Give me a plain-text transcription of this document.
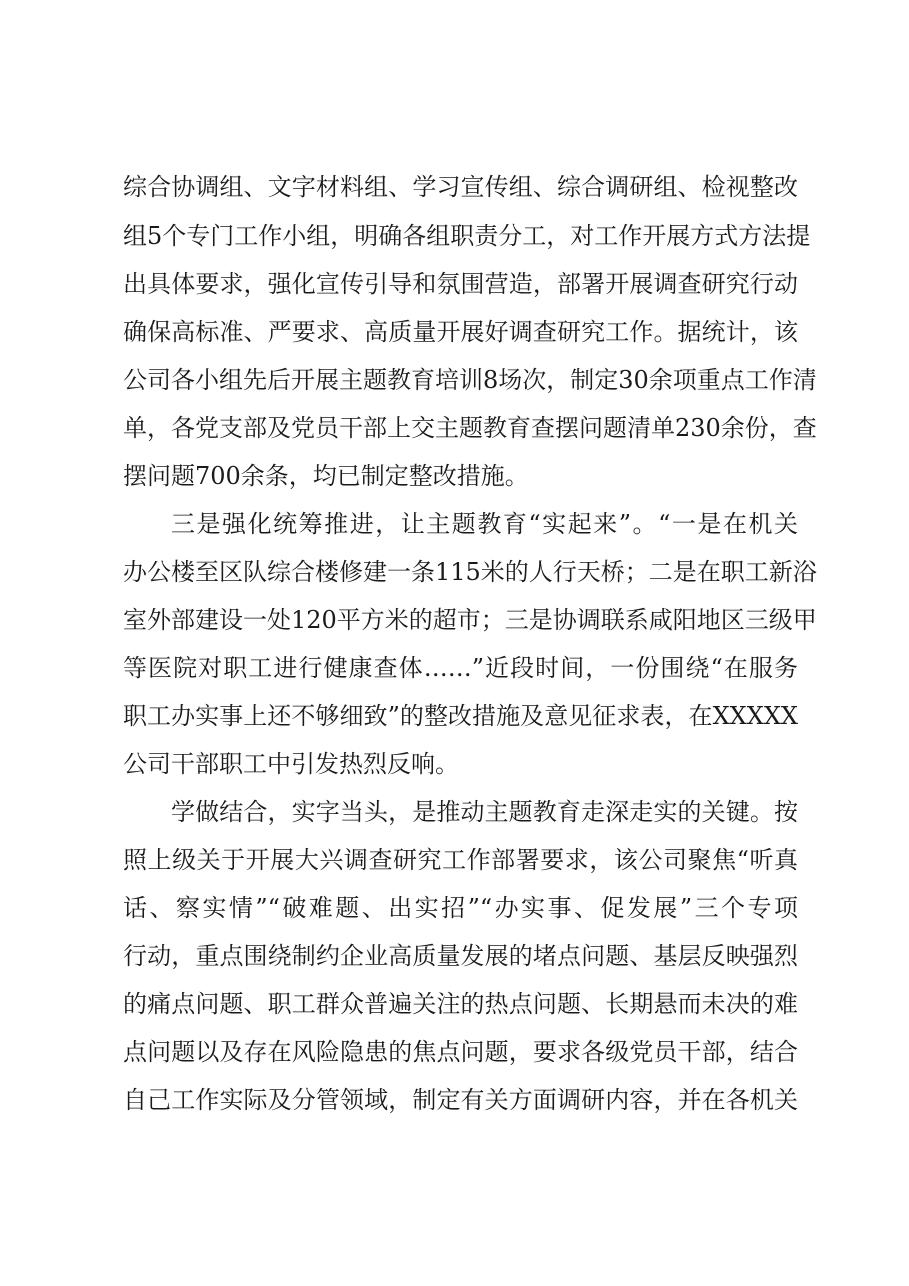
综合协调组、文字材料组、学习宣传组、综合调研组、检视整改
组5个专门工作小组，明确各组职责分工，对工作开展方式方法提
出具体要求，强化宣传引导和氛围营造，部署开展调查研究行动
确保高标准、严要求、高质量开展好调查研究工作。据统计，该
公司各小组先后开展主题教育培训8场次，制定30余项重点工作清
单，各党支部及党员干部上交主题教育查摆问题清单230余份，查
摆问题700余条，均已制定整改措施。
三是强化统筹推进，让主题教育“实起来”。“一是在机关
办公楼至区队综合楼修建一条115米的人行天桥；二是在职工新浴
室外部建设一处120平方米的超市；三是协调联系咸阳地区三级甲
等医院对职工进行健康查体……”近段时间，一份围绕“在服务
职工办实事上还不够细致”的整改措施及意见征求表，在XXXXX
公司干部职工中引发热烈反响。
学做结合，实字当头，是推动主题教育走深走实的关键。按
照上级关于开展大兴调查研究工作部署要求，该公司聚焦“听真
话、察实情”“破难题、出实招”“办实事、促发展”三个专项
行动，重点围绕制约企业高质量发展的堵点问题、基层反映强烈
的痛点问题、职工群众普遍关注的热点问题、长期悬而未决的难
点问题以及存在风险隐患的焦点问题，要求各级党员干部，结合
自己工作实际及分管领域，制定有关方面调研内容，并在各机关
